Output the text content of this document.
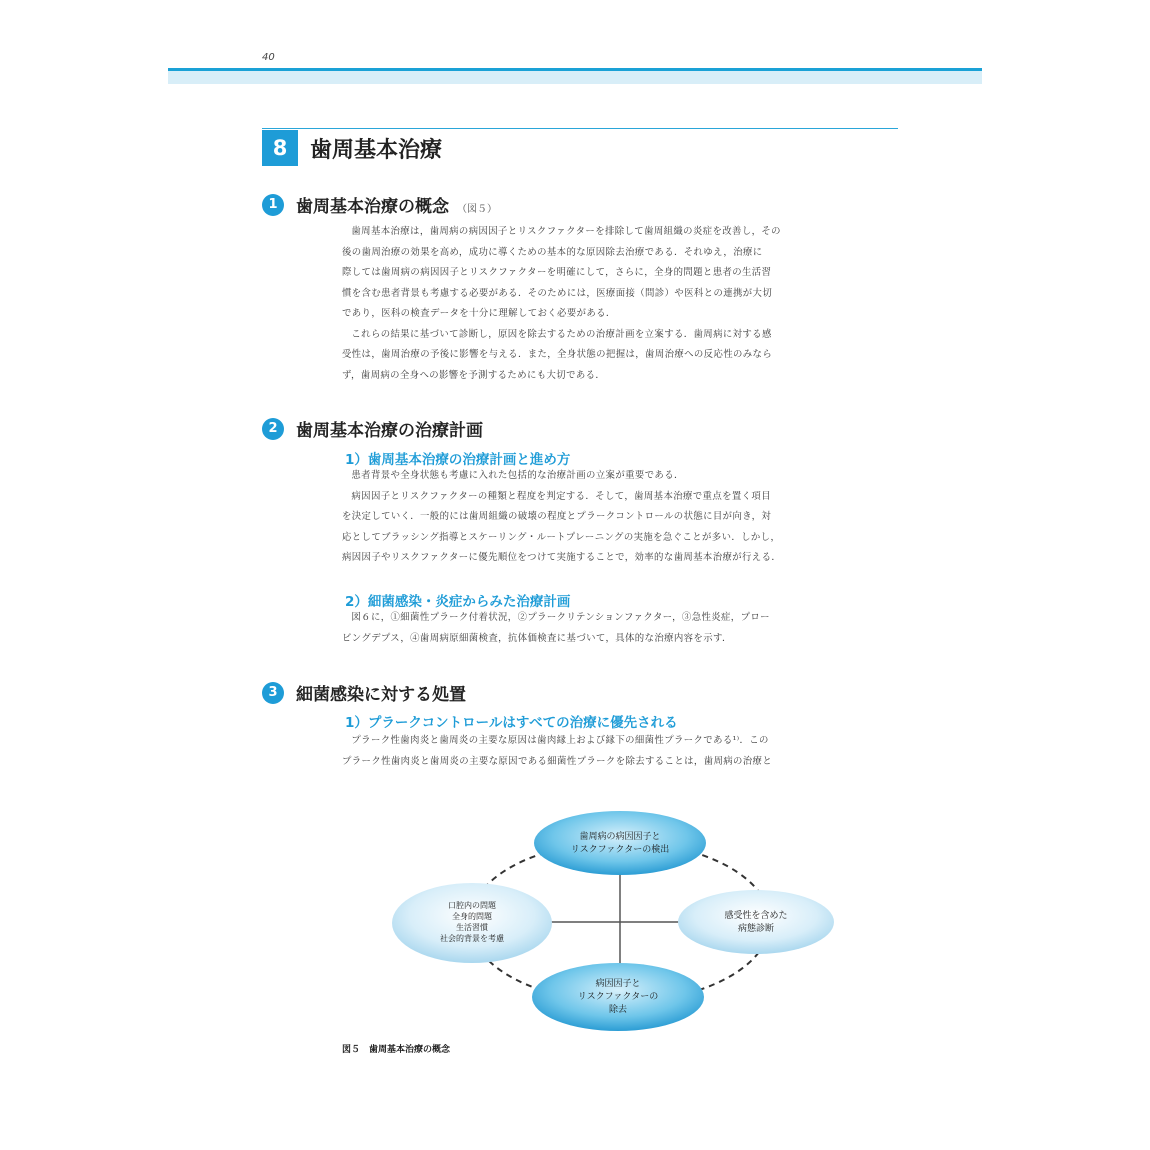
40
8	歯周基本治療
1	歯周基本治療の概念 （図５）
歯周基本治療は，歯周病の病因因子とリスクファクターを排除して歯周組織の炎症を改善し，その
後の歯周治療の効果を高め，成功に導くための基本的な原因除去治療である．それゆえ，治療に
際しては歯周病の病因因子とリスクファクターを明確にして，さらに，全身的問題と患者の生活習
慣を含む患者背景も考慮する必要がある．そのためには，医療面接（問診）や医科との連携が大切
であり，医科の検査データを十分に理解しておく必要がある．
これらの結果に基づいて診断し，原因を除去するための治療計画を立案する．歯周病に対する感
受性は，歯周治療の予後に影響を与える．また，全身状態の把握は，歯周治療への反応性のみなら
ず，歯周病の全身への影響を予測するためにも大切である．
2	歯周基本治療の治療計画
1）歯周基本治療の治療計画と進め方
患者背景や全身状態も考慮に入れた包括的な治療計画の立案が重要である．
病因因子とリスクファクターの種類と程度を判定する．そして，歯周基本治療で重点を置く項目
を決定していく．一般的には歯周組織の破壊の程度とプラークコントロールの状態に目が向き，対
応としてブラッシング指導とスケーリング・ルートプレーニングの実施を急ぐことが多い．しかし，
病因因子やリスクファクターに優先順位をつけて実施することで，効率的な歯周基本治療が行える．
2）細菌感染・炎症からみた治療計画
図６に，①細菌性プラーク付着状況，②プラークリテンションファクター，③急性炎症，プロー
ビングデプス，④歯周病原細菌検査，抗体価検査に基づいて，具体的な治療内容を示す．
3	細菌感染に対する処置
1）プラークコントロールはすべての治療に優先される
プラーク性歯肉炎と歯周炎の主要な原因は歯肉縁上および縁下の細菌性プラークである¹⁾．この
プラーク性歯肉炎と歯周炎の主要な原因である細菌性プラークを除去することは，歯周病の治療と
歯周病の病因因子と
リスクファクターの検出
感受性を含めた
病態診断
病因因子と
リスクファクターの
除去
口腔内の問題
全身的問題
生活習慣
社会的背景を考慮
図５　歯周基本治療の概念
